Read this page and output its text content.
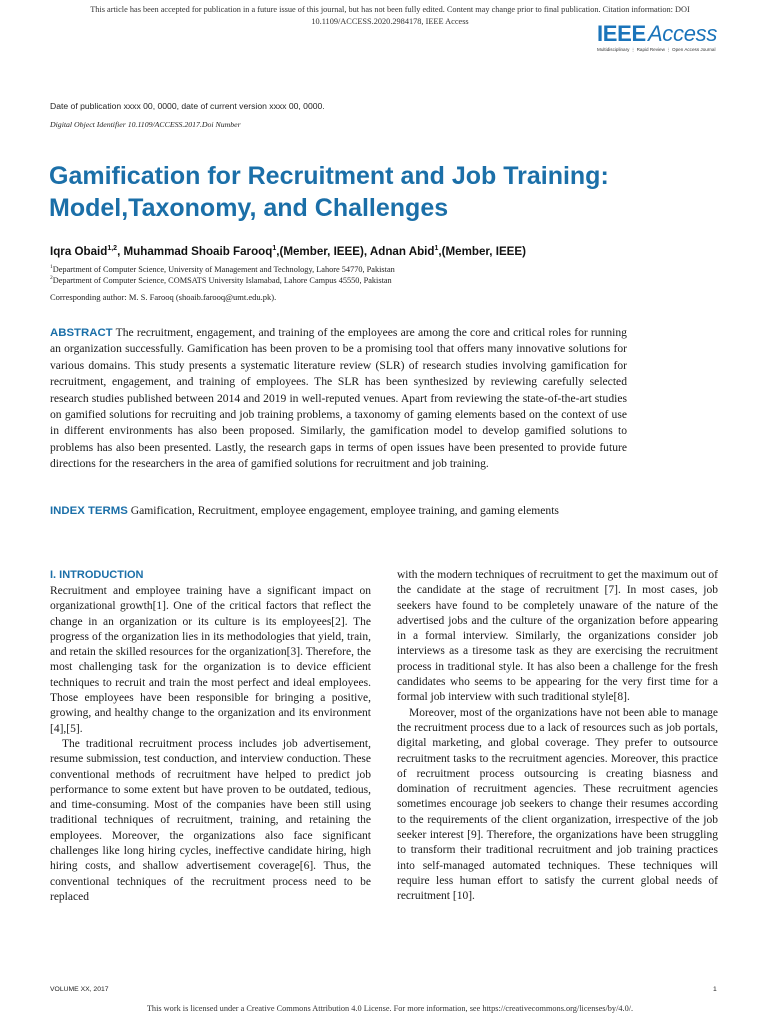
This article has been accepted for publication in a future issue of this journal, but has not been fully edited. Content may change prior to final publication. Citation information: DOI
10.1109/ACCESS.2020.2984178, IEEE Access	IEEEAccess
Multidisciplinary ⋮ Rapid Review ⋮ Open Access Journal
Date of publication xxxx 00, 0000, date of current version xxxx 00, 0000.
Digital Object Identifier 10.1109/ACCESS.2017.Doi Number
Gamification for Recruitment and Job Training:
Model,Taxonomy, and Challenges
Iqra Obaid$^{1,2}$, Muhammad Shoaib Farooq$^1$,(Member, IEEE), Adnan Abid$^1$,(Member, IEEE)
$^1$Department of Computer Science, University of Management and Technology, Lahore 54770, Pakistan
$^2$Department of Computer Science, COMSATS University Islamabad, Lahore Campus 45550, Pakistan
Corresponding author: M. S. Farooq (shoaib.farooq@umt.edu.pk).

ABSTRACT The recruitment, engagement, and training of the employees are among the core and critical roles for running an organization successfully. Gamification has been proven to be a promising tool that offers many innovative solutions for various domains. This study presents a systematic literature review (SLR) of research studies involving gamification for recruitment, engagement, and training of employees. The SLR has been synthesized by reviewing carefully selected research studies published between 2014 and 2019 in well-reputed venues. Apart from reviewing the state-of-the-art studies on gamified solutions for recruiting and job training problems, a taxonomy of gaming elements based on the context of use in different environments has also been proposed. Similarly, the gamification model to develop gamified solutions to problems has also been presented. Lastly, the research gaps in terms of open issues have been presented to provide future directions for the researchers in the area of gamified solutions for recruitment and job training.

INDEX TERMS Gamification, Recruitment, employee engagement, employee training, and gaming elements

I. INTRODUCTION

Recruitment and employee training have a significant impact on organizational growth[1]. One of the critical factors that reflect the change in an organization or its culture is its employees[2]. The progress of the organization lies in its methodologies that yield, train, and retain the skilled resources for the organization[3]. Therefore, the most challenging task for the organization is to device efficient techniques to recruit and train the most perfect and ideal employees. Those employees have been responsible for bringing a positive, growing, and healthy change to the organization and its environment [4],[5].

The traditional recruitment process includes job advertisement, resume submission, test conduction, and interview conduction. These conventional methods of recruitment have helped to predict job performance to some extent but have proven to be outdated, tedious, and time-consuming. Most of the companies have been still using traditional techniques of recruitment, training, and retaining the employees. Moreover, the organizations also face significant challenges like long hiring cycles, ineffective candidate hiring, high hiring costs, and shallow advertisement coverage[6]. Thus, the conventional techniques of the recruitment process need to be replaced

with the modern techniques of recruitment to get the maximum out of the candidate at the stage of recruitment [7]. In most cases, job seekers have found to be completely unaware of the nature of the advertised jobs and the culture of the organization before appearing in a formal interview. Similarly, the organizations consider job interviews as a tiresome task as they are exercising the recruitment process in traditional style. It has also been a challenge for the fresh candidates who seems to be appearing for the very first time for a formal job interview with such traditional style[8].

Moreover, most of the organizations have not been able to manage the recruitment process due to a lack of resources such as job portals, digital marketing, and global coverage. They prefer to outsource recruitment tasks to the recruitment agencies. Moreover, this practice of recruitment process outsourcing is creating biasness and domination of recruitment agencies. These recruitment agencies sometimes encourage job seekers to change their resumes according to the requirements of the client organization, irrespective of the job seeker interest [9]. Therefore, the organizations have been struggling to transform their traditional recruitment and job training practices into self-managed automated techniques. These techniques will require less human effort to satisfy the current global needs of recruitment [10].

VOLUME XX, 2017	1
This work is licensed under a Creative Commons Attribution 4.0 License. For more information, see https://creativecommons.org/licenses/by/4.0/.
